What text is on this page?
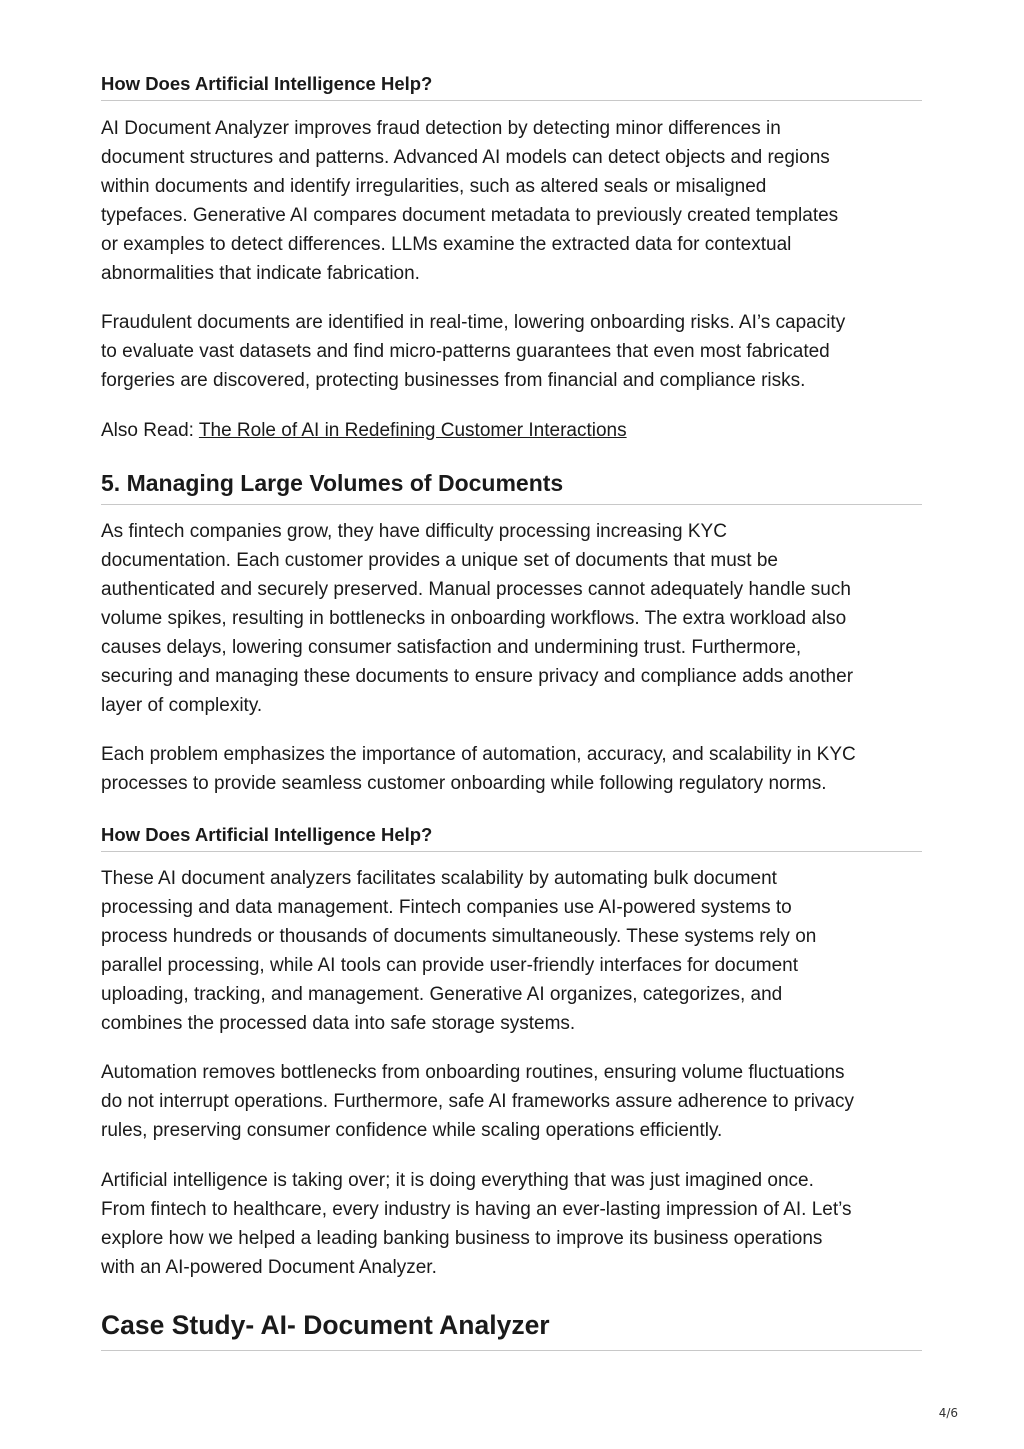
How Does Artificial Intelligence Help?

AI Document Analyzer improves fraud detection by detecting minor differences in
document structures and patterns. Advanced AI models can detect objects and regions
within documents and identify irregularities, such as altered seals or misaligned
typefaces. Generative AI compares document metadata to previously created templates
or examples to detect differences. LLMs examine the extracted data for contextual
abnormalities that indicate fabrication.

Fraudulent documents are identified in real-time, lowering onboarding risks. AI’s capacity
to evaluate vast datasets and find micro-patterns guarantees that even most fabricated
forgeries are discovered, protecting businesses from financial and compliance risks.

Also Read: The Role of AI in Redefining Customer Interactions

5. Managing Large Volumes of Documents

As fintech companies grow, they have difficulty processing increasing KYC
documentation. Each customer provides a unique set of documents that must be
authenticated and securely preserved. Manual processes cannot adequately handle such
volume spikes, resulting in bottlenecks in onboarding workflows. The extra workload also
causes delays, lowering consumer satisfaction and undermining trust. Furthermore,
securing and managing these documents to ensure privacy and compliance adds another
layer of complexity.

Each problem emphasizes the importance of automation, accuracy, and scalability in KYC
processes to provide seamless customer onboarding while following regulatory norms.

How Does Artificial Intelligence Help?

These AI document analyzers facilitates scalability by automating bulk document
processing and data management. Fintech companies use AI-powered systems to
process hundreds or thousands of documents simultaneously. These systems rely on
parallel processing, while AI tools can provide user-friendly interfaces for document
uploading, tracking, and management. Generative AI organizes, categorizes, and
combines the processed data into safe storage systems.

Automation removes bottlenecks from onboarding routines, ensuring volume fluctuations
do not interrupt operations. Furthermore, safe AI frameworks assure adherence to privacy
rules, preserving consumer confidence while scaling operations efficiently.

Artificial intelligence is taking over; it is doing everything that was just imagined once.
From fintech to healthcare, every industry is having an ever-lasting impression of AI. Let’s
explore how we helped a leading banking business to improve its business operations
with an AI-powered Document Analyzer.

Case Study- AI- Document Analyzer
4/6
